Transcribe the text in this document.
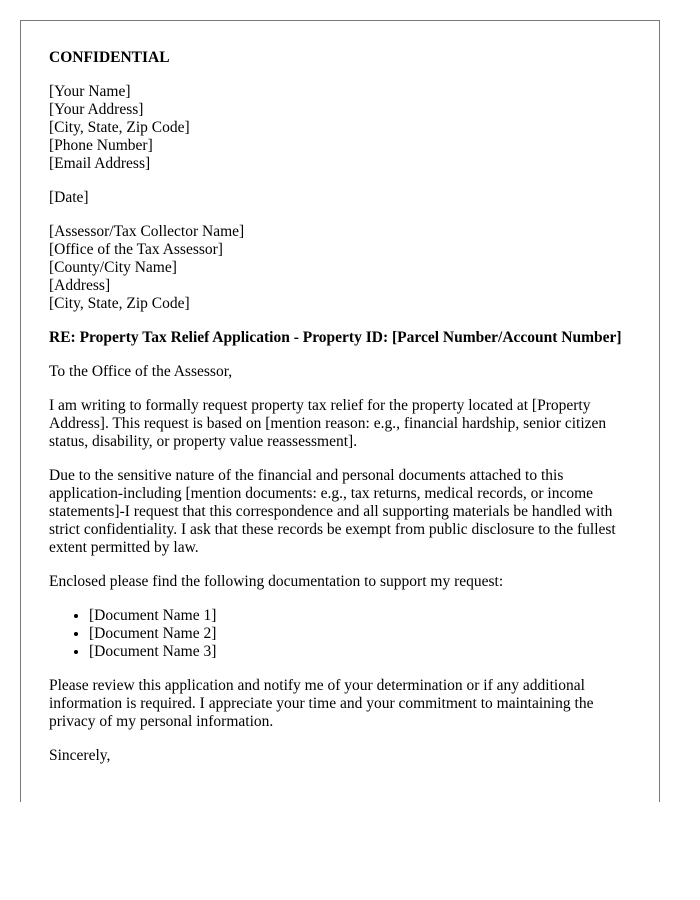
CONFIDENTIAL
[Your Name]
[Your Address]
[City, State, Zip Code]
[Phone Number]
[Email Address]
[Date]
[Assessor/Tax Collector Name]
[Office of the Tax Assessor]
[County/City Name]
[Address]
[City, State, Zip Code]
RE: Property Tax Relief Application - Property ID: [Parcel Number/Account Number]

To the Office of the Assessor,

I am writing to formally request property tax relief for the property located at [Property Address]. This request is based on [mention reason: e.g., financial hardship, senior citizen status, disability, or property value reassessment].

Due to the sensitive nature of the financial and personal documents attached to this application-including [mention documents: e.g., tax returns, medical records, or income statements]-I request that this correspondence and all supporting materials be handled with strict confidentiality. I ask that these records be exempt from public disclosure to the fullest extent permitted by law.

Enclosed please find the following documentation to support my request:

• [Document Name 1]
• [Document Name 2]
• [Document Name 3]

Please review this application and notify me of your determination or if any additional information is required. I appreciate your time and your commitment to maintaining the privacy of my personal information.

Sincerely,
